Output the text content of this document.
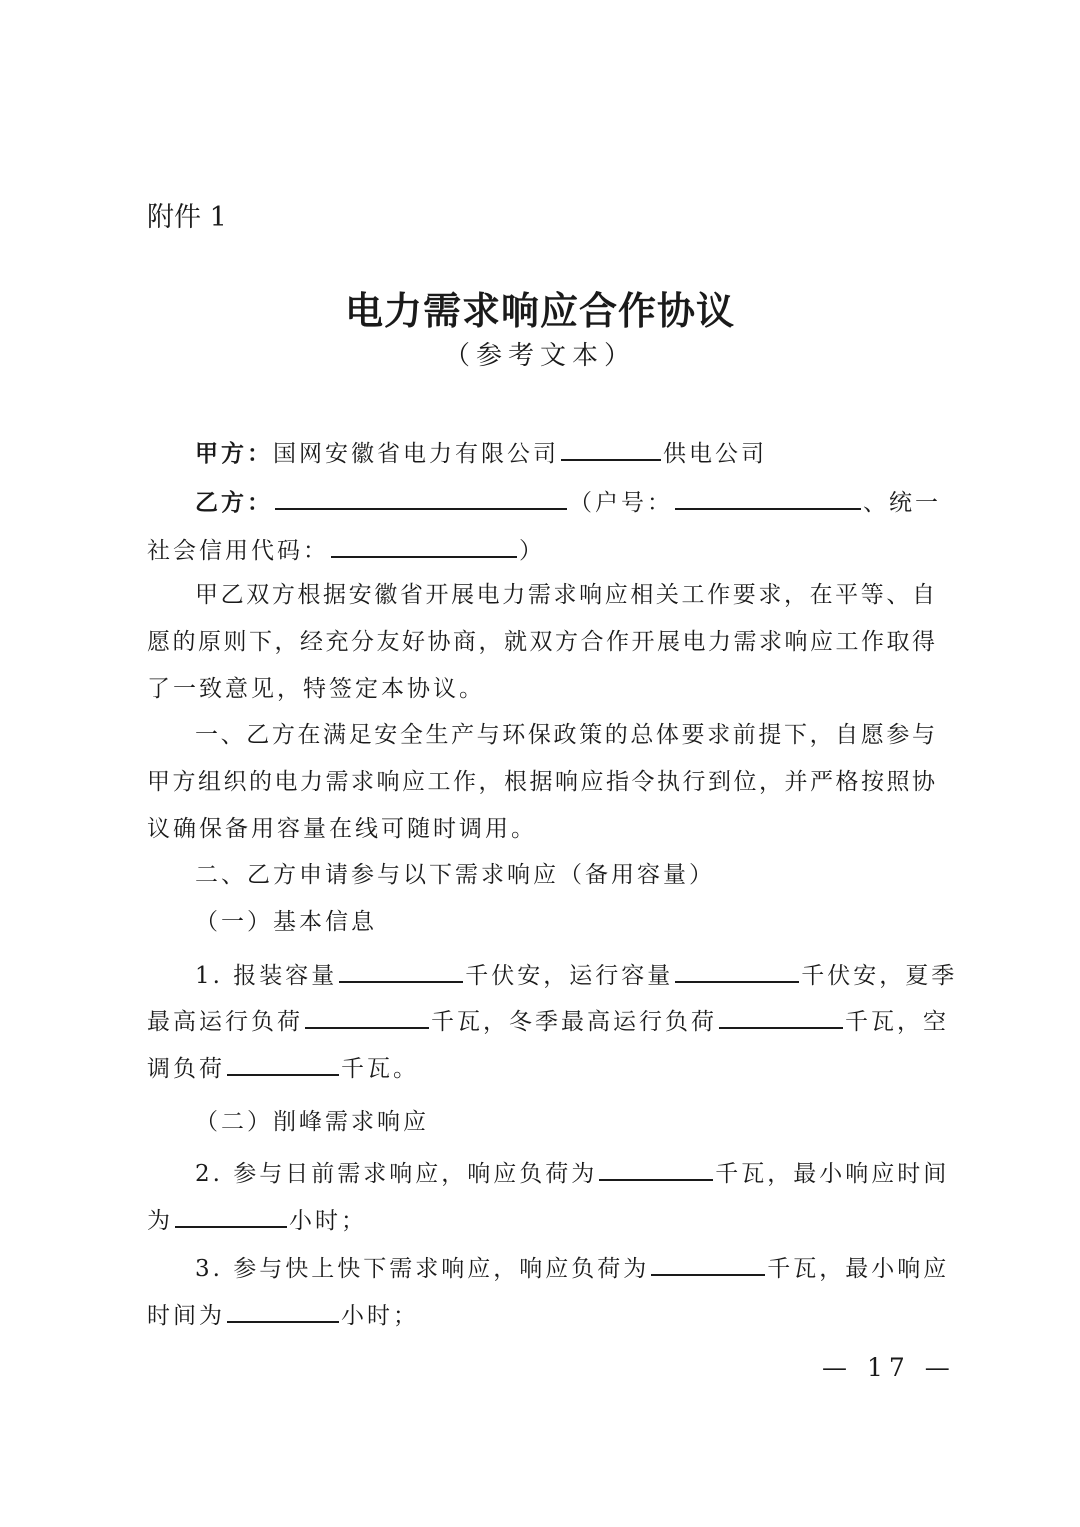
附件 1
电力需求响应合作协议
（参考文本）
甲方：国网安徽省电力有限公司	供电公司
乙方：	（户号：	、统一
社会信用代码：	）
甲乙双方根据安徽省开展电力需求响应相关工作要求，在平等、自
愿的原则下，经充分友好协商，就双方合作开展电力需求响应工作取得
了一致意见，特签定本协议。
一、乙方在满足安全生产与环保政策的总体要求前提下，自愿参与
甲方组织的电力需求响应工作，根据响应指令执行到位，并严格按照协
议确保备用容量在线可随时调用。
二、乙方申请参与以下需求响应（备用容量）
（一）基本信息
1. 报装容量	千伏安，运行容量	千伏安，夏季
最高运行负荷	千瓦，冬季最高运行负荷	千瓦，空
调负荷	千瓦。
（二）削峰需求响应
2. 参与日前需求响应，响应负荷为	千瓦，最小响应时间
为	小时；
3. 参与快上快下需求响应，响应负荷为	千瓦，最小响应
时间为	小时；
— 17 —
